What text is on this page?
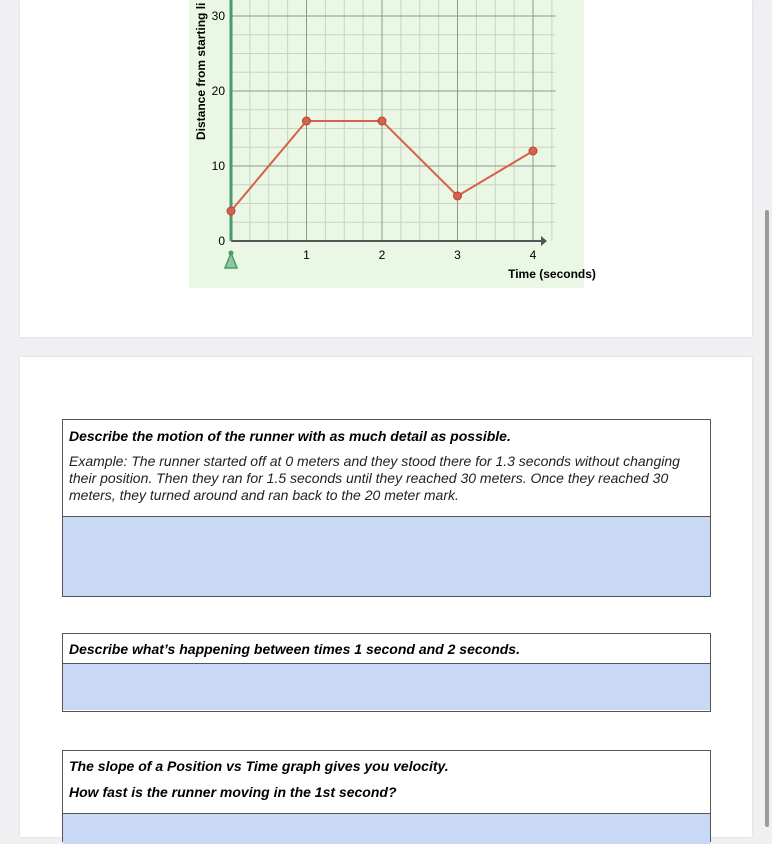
0
10
20
30
1	2	3	4
Time (seconds)
Distance from starting li
Describe the motion of the runner with as much detail as possible.
Example: The runner started off at 0 meters and they stood there for 1.3 seconds without changing their position. Then they ran for 1.5 seconds until they reached 30 meters. Once they reached 30 meters, they turned around and ran back to the 20 meter mark.
Describe what’s happening between times 1 second and 2 seconds.
The slope of a Position vs Time graph gives you velocity.
How fast is the runner moving in the 1st second?
